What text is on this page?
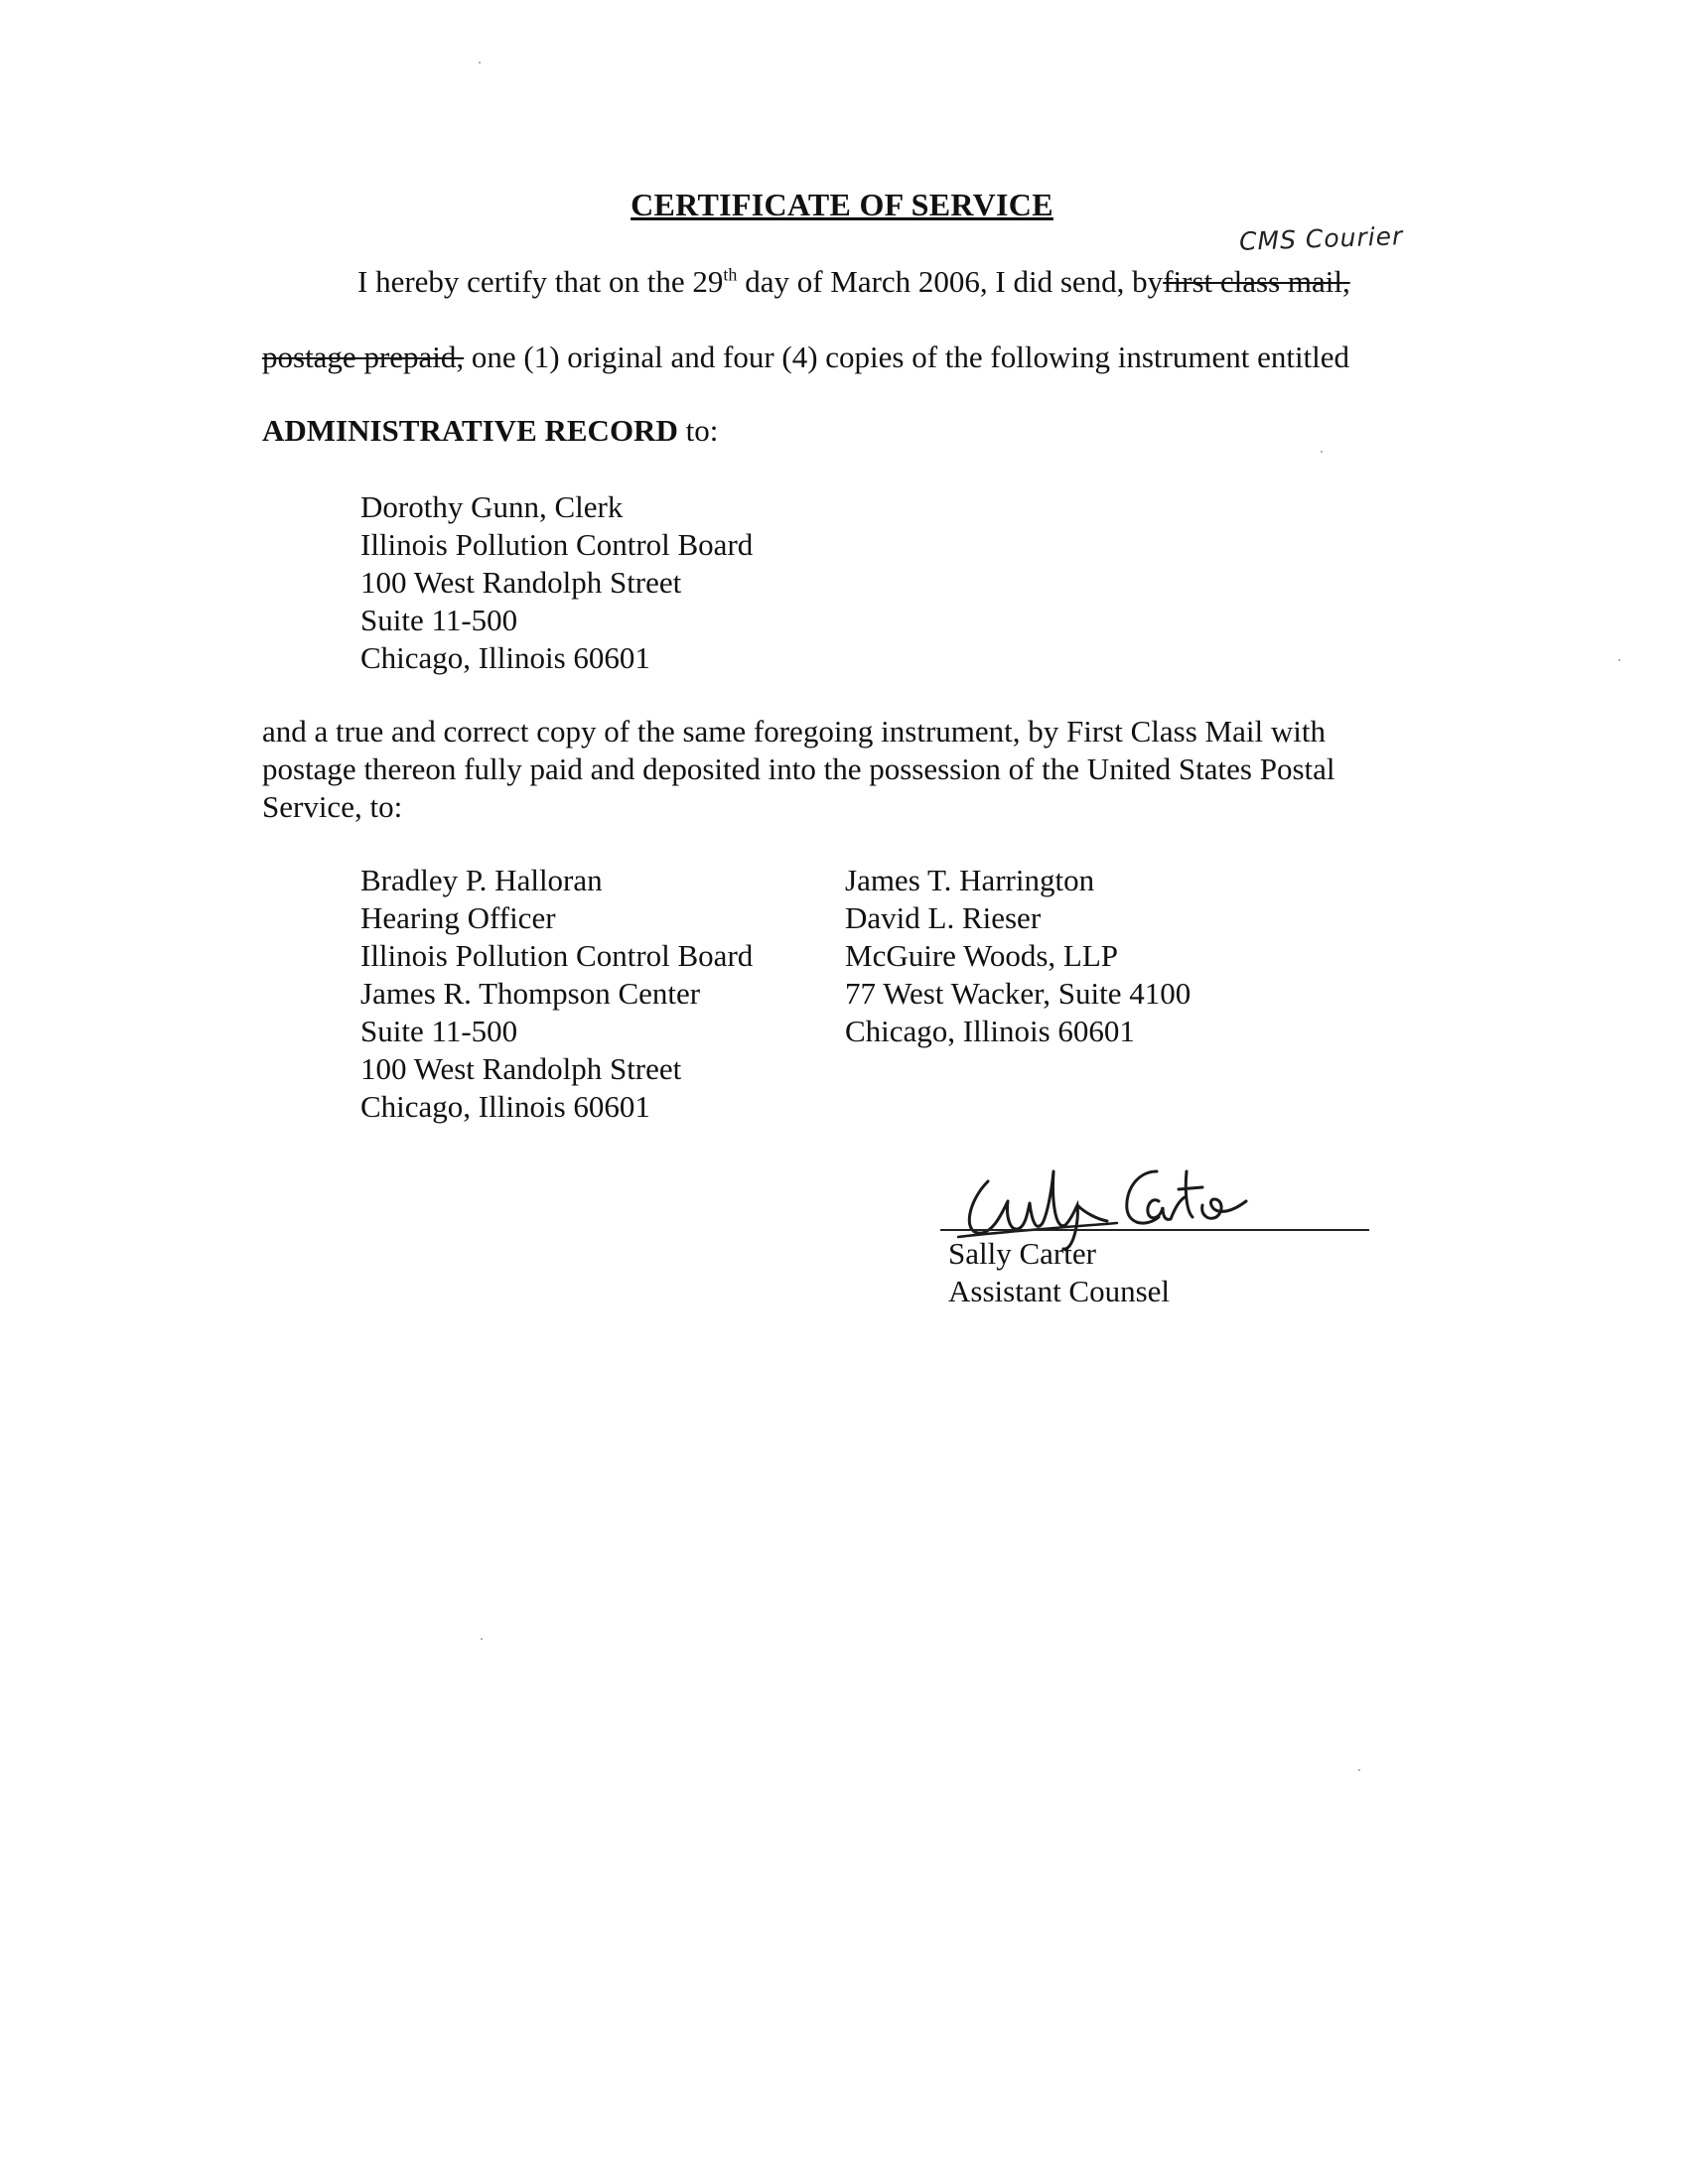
CERTIFICATE OF SERVICE
CMS Courier
I hereby certify that on the 29th day of March 2006, I did send, byfirst class mail,
postage prepaid, one (1) original and four (4) copies of the following instrument entitled
ADMINISTRATIVE RECORD to:
Dorothy Gunn, Clerk
Illinois Pollution Control Board
100 West Randolph Street
Suite 11-500
Chicago, Illinois 60601
and a true and correct copy of the same foregoing instrument, by First Class Mail with
postage thereon fully paid and deposited into the possession of the United States Postal
Service, to:
Bradley P. Halloran
Hearing Officer
Illinois Pollution Control Board
James R. Thompson Center
Suite 11-500
100 West Randolph Street
Chicago, Illinois 60601
James T. Harrington
David L. Rieser
McGuire Woods, LLP
77 West Wacker, Suite 4100
Chicago, Illinois 60601
Sally Carter
Assistant Counsel
